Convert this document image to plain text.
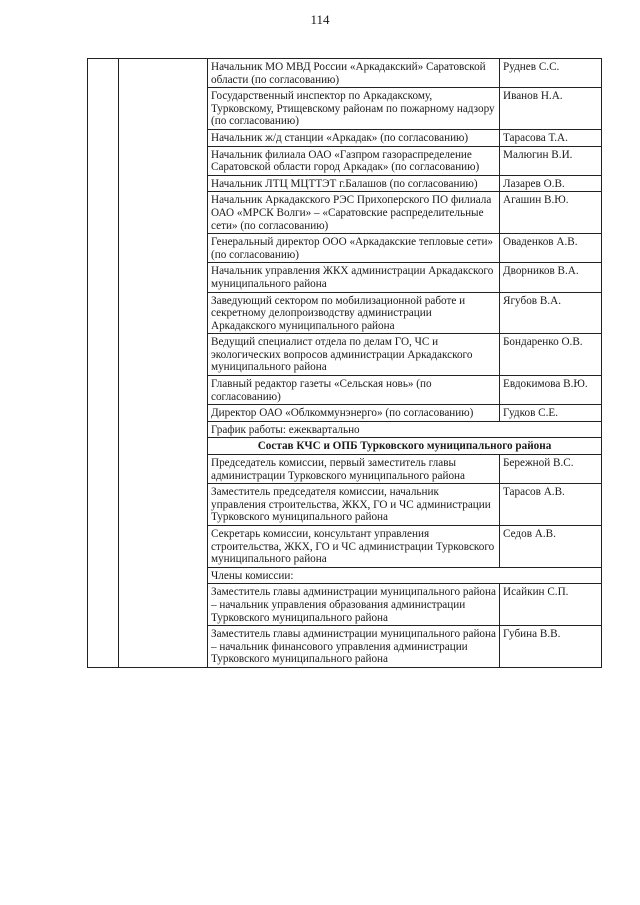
114
		Начальник МО МВД России «Аркадакский» Саратовской области (по согласованию)	Руднев С.С.
		Государственный инспектор по Аркадакскому, Турковскому, Ртищевскому районам по пожарному надзору (по согласованию)	Иванов Н.А.
		Начальник ж/д станции «Аркадак» (по согласованию)	Тарасова Т.А.
		Начальник филиала ОАО «Газпром газораспределение Саратовской области город Аркадак» (по согласованию)	Малюгин В.И.
		Начальник ЛТЦ МЦТТЭТ г.Балашов (по согласованию)	Лазарев О.В.
		Начальник Аркадакского РЭС Прихоперского ПО филиала ОАО «МРСК Волги» – «Саратовские распределительные сети» (по согласованию)	Агашин В.Ю.
		Генеральный директор ООО «Аркадакские тепловые сети» (по согласованию)	Оваденков А.В.
		Начальник управления ЖКХ администрации Аркадакского муниципального района	Дворников В.А.
		Заведующий сектором по мобилизационной работе и секретному делопроизводству администрации Аркадакского муниципального района	Ягубов В.А.
		Ведущий специалист отдела по делам ГО, ЧС и экологических вопросов администрации Аркадакского муниципального района	Бондаренко О.В.
		Главный редактор газеты «Сельская новь» (по согласованию)	Евдокимова В.Ю.
		Директор ОАО «Облкоммунэнерго» (по согласованию)	Гудков С.Е.
		График работы: ежеквартально	
		Состав КЧС и ОПБ Турковского муниципального района	
		Председатель комиссии, первый заместитель главы администрации Турковского муниципального района	Бережной В.С.
		Заместитель председателя комиссии, начальник управления строительства, ЖКХ, ГО и ЧС администрации Турковского муниципального района	Тарасов А.В.
		Секретарь комиссии, консультант управления строительства, ЖКХ, ГО и ЧС администрации Турковского муниципального района	Седов А.В.
		Члены комиссии:	
		Заместитель главы администрации муниципального района – начальник управления образования администрации Турковского муниципального района	Исайкин С.П.
		Заместитель главы администрации муниципального района – начальник финансового управления администрации Турковского муниципального района	Губина В.В.
